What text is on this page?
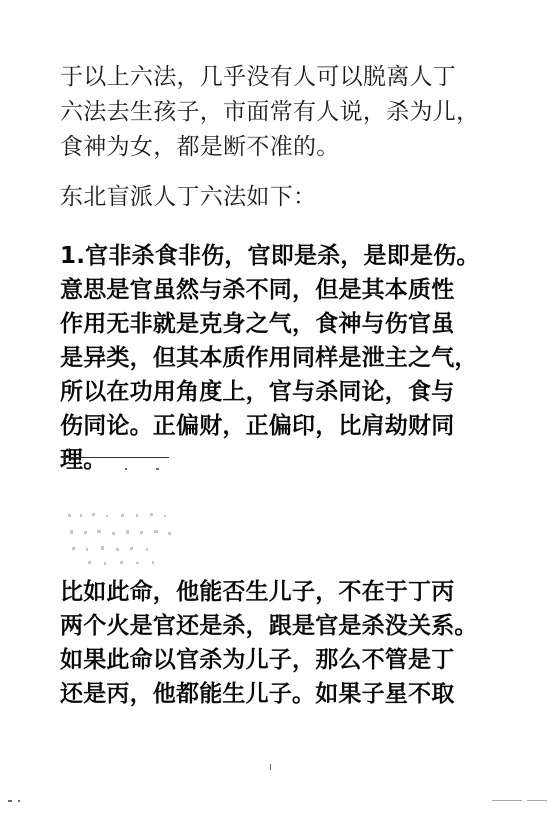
于以上六法，几乎没有人可以脱离人丁
六法去生孩子，市面常有人说，杀为儿，
食神为女，都是断不准的。

东北盲派人丁六法如下：

1.官非杀食非伤，官即是杀，是即是伤。
意思是官虽然与杀不同，但是其本质性
作用无非就是克身之气，食神与伤官虽
是异类，但其本质作用同样是泄主之气，
所以在功用角度上，官与杀同论，食与
伤同论。正偏财，正偏印，比肩劫财同
理。

比如此命，他能否生儿子，不在于丁丙
两个火是官还是杀，跟是官是杀没关系。
如果此命以官杀为儿子，那么不管是丁
还是丙，他都能生儿子。如果子星不取
